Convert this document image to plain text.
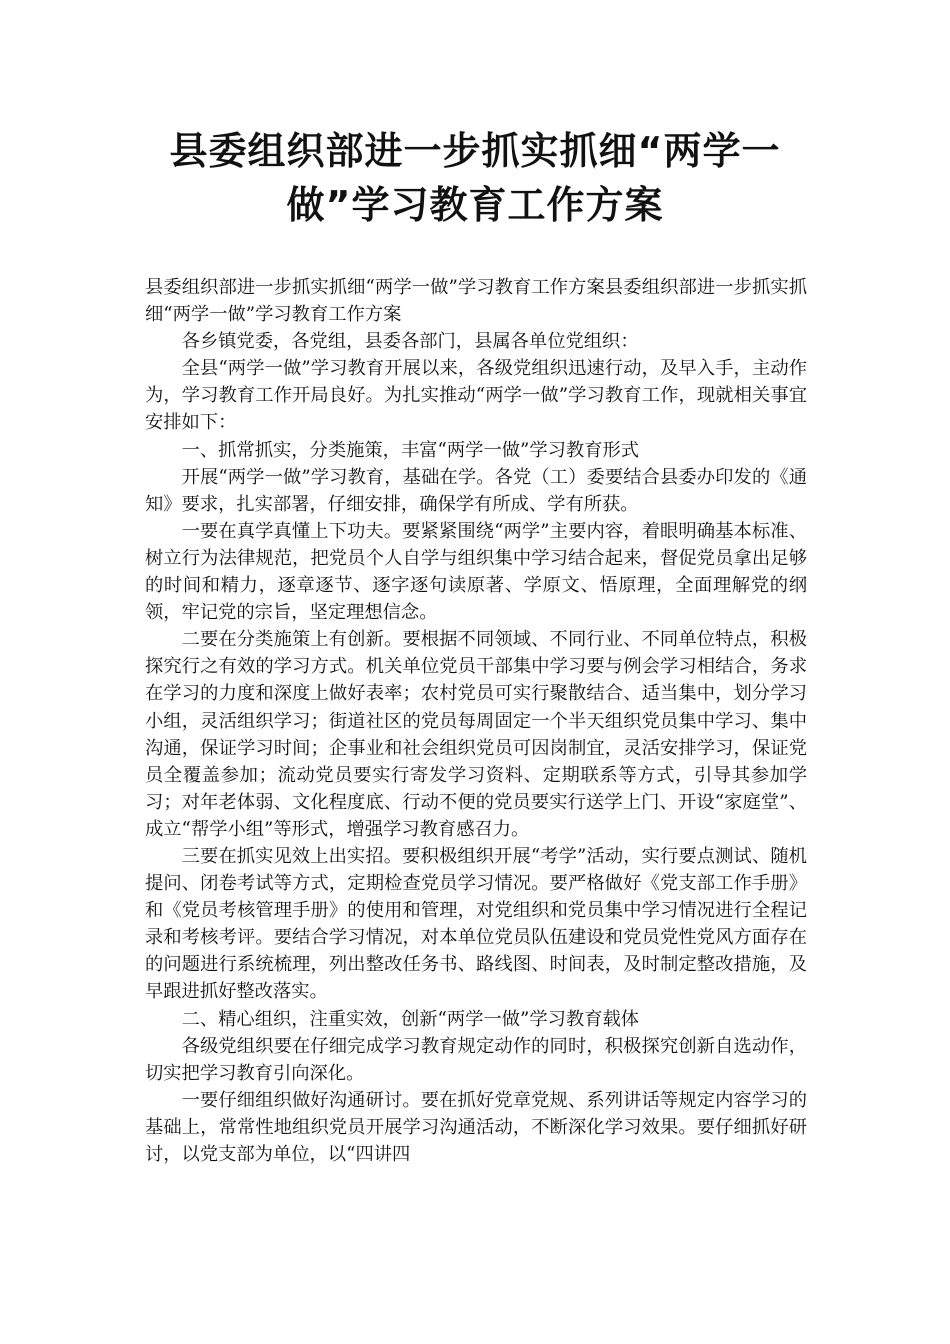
县委组织部进一步抓实抓细“两学一
做”学习教育工作方案

县委组织部进一步抓实抓细“两学一做”学习教育工作方案县委组织部进一步抓实抓细“两学一做”学习教育工作方案

各乡镇党委，各党组，县委各部门，县属各单位党组织：

全县“两学一做”学习教育开展以来，各级党组织迅速行动，及早入手，主动作为，学习教育工作开局良好。为扎实推动“两学一做”学习教育工作，现就相关事宜安排如下：

一、抓常抓实，分类施策，丰富“两学一做”学习教育形式

开展“两学一做”学习教育，基础在学。各党（工）委要结合县委办印发的《通知》要求，扎实部署，仔细安排，确保学有所成、学有所获。

一要在真学真懂上下功夫。要紧紧围绕“两学”主要内容，着眼明确基本标准、树立行为法律规范，把党员个人自学与组织集中学习结合起来，督促党员拿出足够的时间和精力，逐章逐节、逐字逐句读原著、学原文、悟原理，全面理解党的纲领，牢记党的宗旨，坚定理想信念。

二要在分类施策上有创新。要根据不同领域、不同行业、不同单位特点，积极探究行之有效的学习方式。机关单位党员干部集中学习要与例会学习相结合，务求在学习的力度和深度上做好表率；农村党员可实行聚散结合、适当集中，划分学习小组，灵活组织学习；街道社区的党员每周固定一个半天组织党员集中学习、集中沟通，保证学习时间；企事业和社会组织党员可因岗制宜，灵活安排学习，保证党员全覆盖参加；流动党员要实行寄发学习资料、定期联系等方式，引导其参加学习；对年老体弱、文化程度底、行动不便的党员要实行送学上门、开设“家庭堂”、成立“帮学小组”等形式，增强学习教育感召力。

三要在抓实见效上出实招。要积极组织开展“考学”活动，实行要点测试、随机提问、闭卷考试等方式，定期检查党员学习情况。要严格做好《党支部工作手册》和《党员考核管理手册》的使用和管理，对党组织和党员集中学习情况进行全程记录和考核考评。要结合学习情况，对本单位党员队伍建设和党员党性党风方面存在的问题进行系统梳理，列出整改任务书、路线图、时间表，及时制定整改措施，及早跟进抓好整改落实。

二、精心组织，注重实效，创新“两学一做”学习教育载体

各级党组织要在仔细完成学习教育规定动作的同时，积极探究创新自选动作，切实把学习教育引向深化。

一要仔细组织做好沟通研讨。要在抓好党章党规、系列讲话等规定内容学习的基础上，常常性地组织党员开展学习沟通活动，不断深化学习效果。要仔细抓好研讨，以党支部为单位，以“四讲四
